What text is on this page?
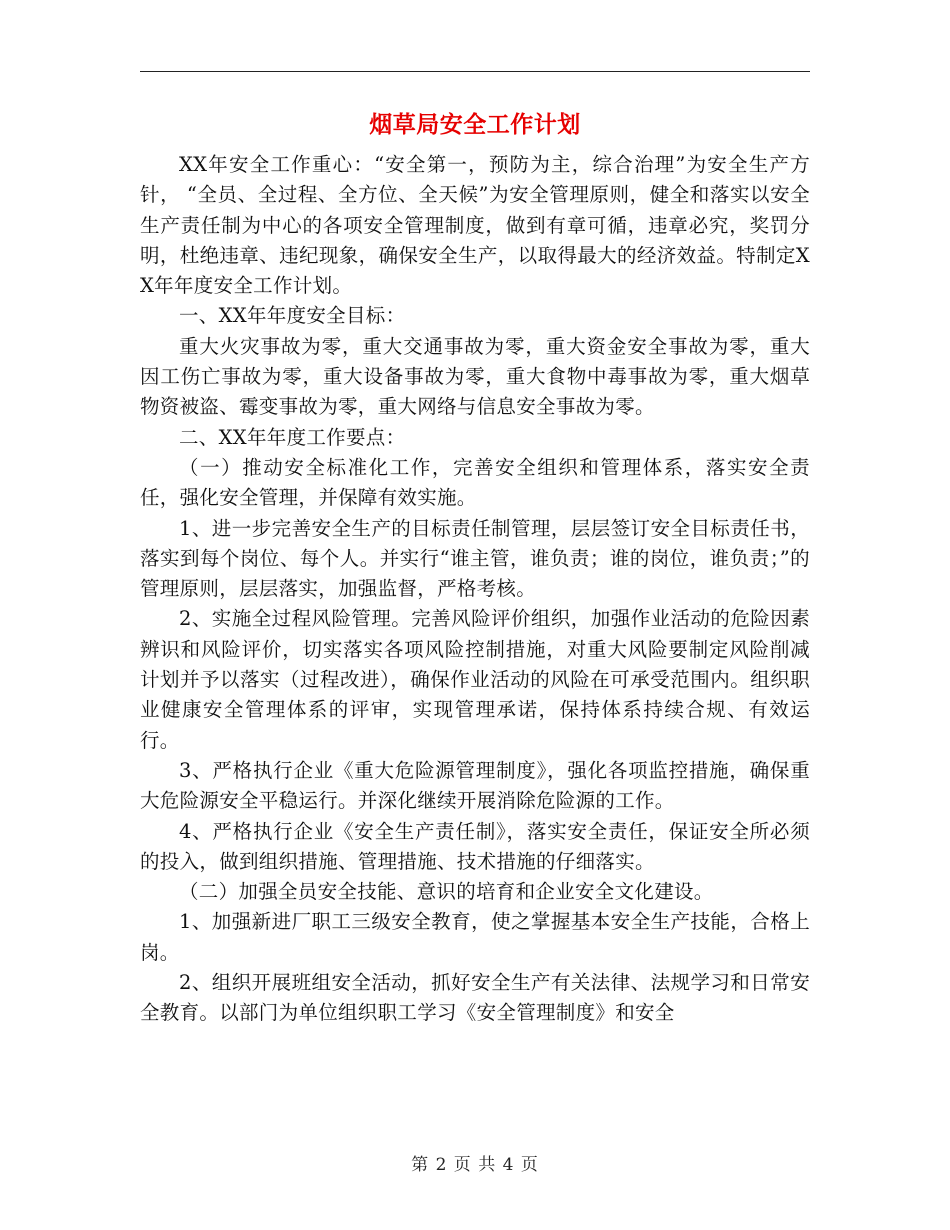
烟草局安全工作计划

XX年安全工作重心：“安全第一，预防为主，综合治理”为安全生产方针， “全员、全过程、全方位、全天候”为安全管理原则，健全和落实以安全生产责任制为中心的各项安全管理制度，做到有章可循，违章必究，奖罚分明，杜绝违章、违纪现象，确保安全生产，以取得最大的经济效益。特制定XX年年度安全工作计划。

一、XX年年度安全目标：

重大火灾事故为零，重大交通事故为零，重大资金安全事故为零，重大因工伤亡事故为零，重大设备事故为零，重大食物中毒事故为零，重大烟草物资被盗、霉变事故为零，重大网络与信息安全事故为零。

二、XX年年度工作要点：

（一）推动安全标准化工作，完善安全组织和管理体系，落实安全责任，强化安全管理，并保障有效实施。

1、进一步完善安全生产的目标责任制管理，层层签订安全目标责任书，落实到每个岗位、每个人。并实行“谁主管，谁负责；谁的岗位，谁负责；”的管理原则，层层落实，加强监督，严格考核。

2、实施全过程风险管理。完善风险评价组织，加强作业活动的危险因素辨识和风险评价，切实落实各项风险控制措施，对重大风险要制定风险削减计划并予以落实（过程改进），确保作业活动的风险在可承受范围内。组织职业健康安全管理体系的评审，实现管理承诺，保持体系持续合规、有效运行。

3、严格执行企业《重大危险源管理制度》，强化各项监控措施，确保重大危险源安全平稳运行。并深化继续开展消除危险源的工作。

4、严格执行企业《安全生产责任制》，落实安全责任，保证安全所必须的投入，做到组织措施、管理措施、技术措施的仔细落实。

（二）加强全员安全技能、意识的培育和企业安全文化建设。

1、加强新进厂职工三级安全教育，使之掌握基本安全生产技能，合格上岗。

2、组织开展班组安全活动，抓好安全生产有关法律、法规学习和日常安全教育。以部门为单位组织职工学习《安全管理制度》和安全

第 2 页 共 4 页
